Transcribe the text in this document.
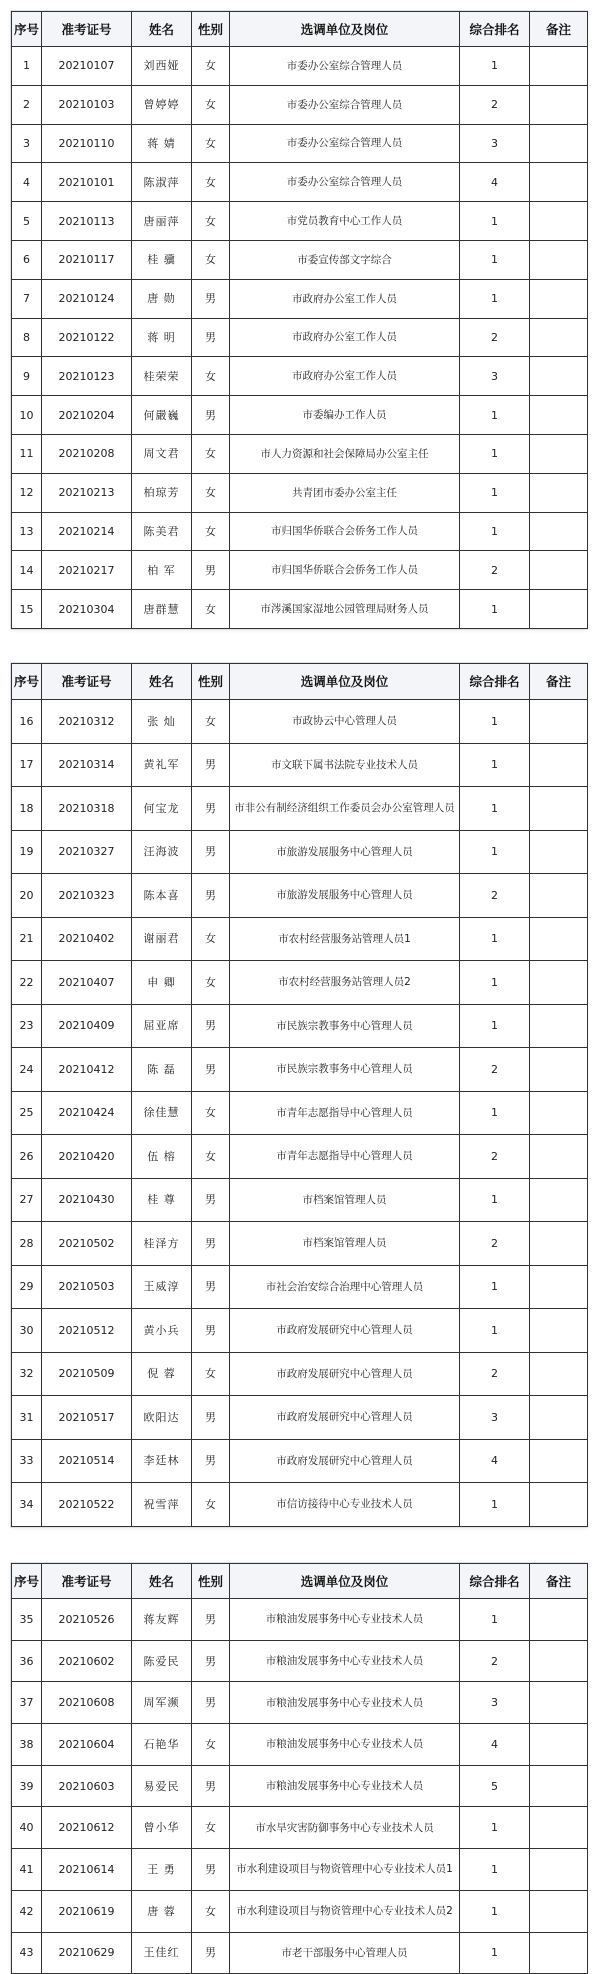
序号	准考证号	姓名	性别	选调单位及岗位	综合排名	备注
1	20210107	刘西娅	女	市委办公室综合管理人员	1	
2	20210103	曾婷婷	女	市委办公室综合管理人员	2	
3	20210110	蒋 婧	女	市委办公室综合管理人员	3	
4	20210101	陈淑萍	女	市委办公室综合管理人员	4	
5	20210113	唐丽萍	女	市党员教育中心工作人员	1	
6	20210117	桂 骥	女	市委宣传部文字综合	1	
7	20210124	唐 勋	男	市政府办公室工作人员	1	
8	20210122	蒋 明	男	市政府办公室工作人员	2	
9	20210123	桂荣荣	女	市政府办公室工作人员	3	
10	20210204	何嚴巍	男	市委编办工作人员	1	
11	20210208	周文君	女	市人力资源和社会保障局办公室主任	1	
12	20210213	柏琼芳	女	共青团市委办公室主任	1	
13	20210214	陈美君	女	市归国华侨联合会侨务工作人员	1	
14	20210217	柏 军	男	市归国华侨联合会侨务工作人员	2	
15	20210304	唐群慧	女	市涔溪国家湿地公园管理局财务人员	1	
序号	准考证号	姓名	性别	选调单位及岗位	综合排名	备注
16	20210312	张 灿	女	市政协云中心管理人员	1	
17	20210314	黄礼军	男	市文联下属书法院专业技术人员	1	
18	20210318	何宝龙	男	市非公有制经济组织工作委员会办公室管理人员	1	
19	20210327	汪海波	男	市旅游发展服务中心管理人员	1	
20	20210323	陈本喜	男	市旅游发展服务中心管理人员	2	
21	20210402	谢丽君	女	市农村经营服务站管理人员1	1	
22	20210407	申 卿	女	市农村经营服务站管理人员2	1	
23	20210409	屈亚席	男	市民族宗教事务中心管理人员	1	
24	20210412	陈 磊	男	市民族宗教事务中心管理人员	2	
25	20210424	徐佳慧	女	市青年志愿指导中心管理人员	1	
26	20210420	伍 榕	女	市青年志愿指导中心管理人员	2	
27	20210430	桂 尊	男	市档案馆管理人员	1	
28	20210502	桂泽方	男	市档案馆管理人员	2	
29	20210503	王威淳	男	市社会治安综合治理中心管理人员	1	
30	20210512	黄小兵	男	市政府发展研究中心管理人员	1	
32	20210509	倪 蓉	女	市政府发展研究中心管理人员	2	
31	20210517	欧阳达	男	市政府发展研究中心管理人员	3	
33	20210514	李廷林	男	市政府发展研究中心管理人员	4	
34	20210522	祝雪萍	女	市信访接待中心专业技术人员	1	
序号	准考证号	姓名	性别	选调单位及岗位	综合排名	备注
35	20210526	蒋友辉	男	市粮油发展事务中心专业技术人员	1	
36	20210602	陈爱民	男	市粮油发展事务中心专业技术人员	2	
37	20210608	周军濒	男	市粮油发展事务中心专业技术人员	3	
38	20210604	石艳华	女	市粮油发展事务中心专业技术人员	4	
39	20210603	易爱民	男	市粮油发展事务中心专业技术人员	5	
40	20210612	曾小华	女	市水旱灾害防御事务中心专业技术人员	1	
41	20210614	王 勇	男	市水利建设项目与物资管理中心专业技术人员1	1	
42	20210619	唐 蓉	女	市水利建设项目与物资管理中心专业技术人员2	1	
43	20210629	王佳红	男	市老干部服务中心管理人员	1	
